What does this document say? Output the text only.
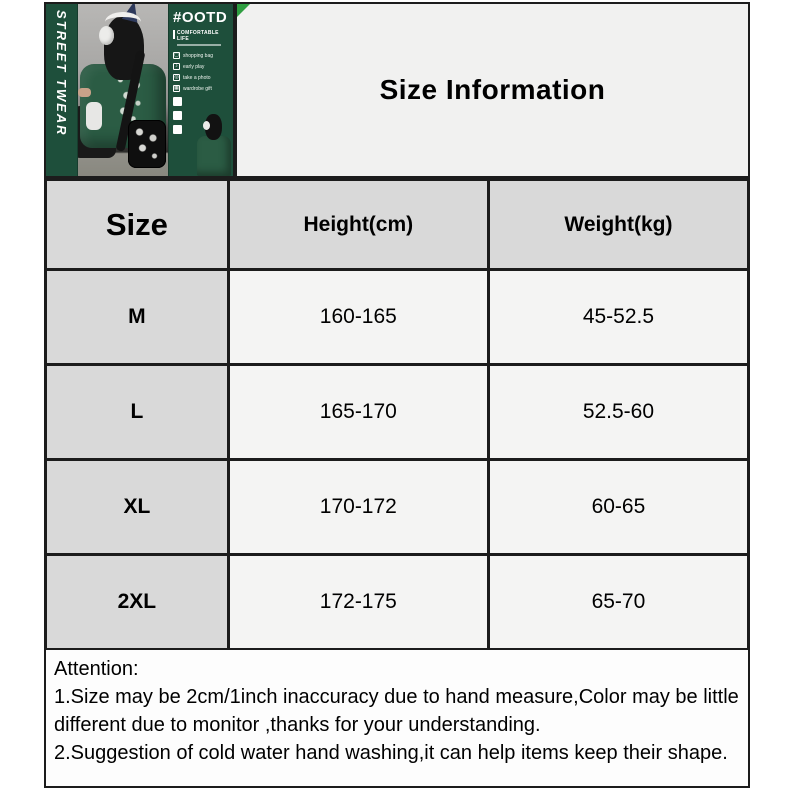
STREET TWEAR	#OOTD
COMFORTABLE LIFE
▢ shopping bag
♪	early play
◎ take a photo
▦ wardrobe gift	Size Information
Size	Height(cm)	Weight(kg)
M	160-165	45-52.5
L	165-170	52.5-60
XL	170-172	60-65
2XL	172-175	65-70

Attention:

1.Size may be 2cm/1inch inaccuracy due to hand measure,Color may be little different due to monitor ,thanks for your understanding.

2.Suggestion of cold water hand washing,it can help items keep their shape.
